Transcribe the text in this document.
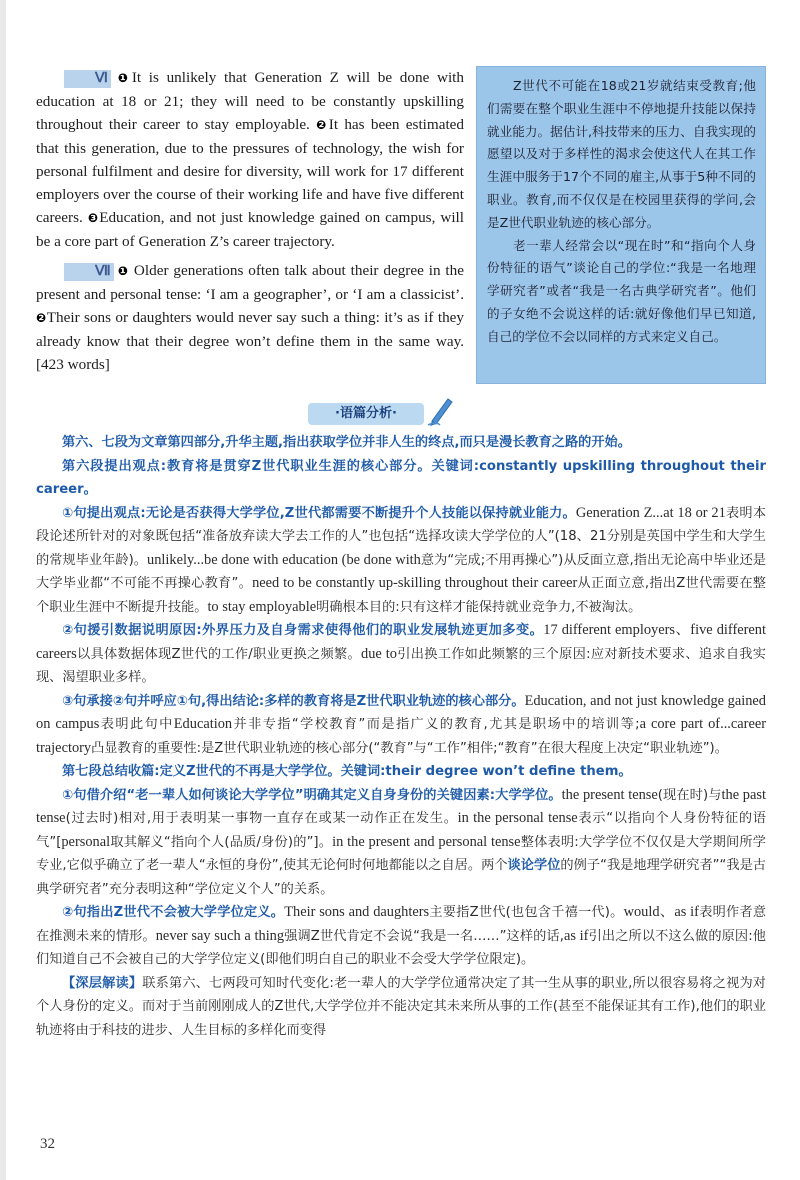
Ⅵ ❶It is unlikely that Generation Z will be done with education at 18 or 21; they will need to be constantly upskilling throughout their career to stay employable. ❷It has been estimated that this generation, due to the pressures of technology, the wish for personal fulfilment and desire for diversity, will work for 17 different employers over the course of their working life and have five different careers. ❸Education, and not just knowledge gained on campus, will be a core part of Generation Z’s career trajectory.

Ⅶ ❶ Older generations often talk about their degree in the present and personal tense: ‘I am a geographer’, or ‘I am a classicist’. ❷Their sons or daughters would never say such a thing: it’s as if they already know that their degree won’t define them in the same way. [423 words]

Z世代不可能在18或21岁就结束受教育;他们需要在整个职业生涯中不停地提升技能以保持就业能力。据估计,科技带来的压力、自我实现的愿望以及对于多样性的渴求会使这代人在其工作生涯中服务于17个不同的雇主,从事于5种不同的职业。教育,而不仅仅是在校园里获得的学问,会是Z世代职业轨迹的核心部分。

老一辈人经常会以“现在时”和“指向个人身份特征的语气”谈论自己的学位:“我是一名地理学研究者”或者“我是一名古典学研究者”。他们的子女绝不会说这样的话:就好像他们早已知道,自己的学位不会以同样的方式来定义自己。

·语篇分析·

第六、七段为文章第四部分,升华主题,指出获取学位并非人生的终点,而只是漫长教育之路的开始。

第六段提出观点:教育将是贯穿Z世代职业生涯的核心部分。关键词:constantly upskilling throughout their career。

①句提出观点:无论是否获得大学学位,Z世代都需要不断提升个人技能以保持就业能力。Generation Z...at 18 or 21表明本段论述所针对的对象既包括“准备放弃读大学去工作的人”也包括“选择攻读大学学位的人”(18、21分别是英国中学生和大学生的常规毕业年龄)。unlikely...be done with education (be done with意为“完成;不用再操心”)从反面立意,指出无论高中毕业还是大学毕业都“不可能不再操心教育”。need to be constantly up-skilling throughout their career从正面立意,指出Z世代需要在整个职业生涯中不断提升技能。to stay employable明确根本目的:只有这样才能保持就业竞争力,不被淘汰。

②句援引数据说明原因:外界压力及自身需求使得他们的职业发展轨迹更加多变。17 different employers、five different careers以具体数据体现Z世代的工作/职业更换之频繁。due to引出换工作如此频繁的三个原因:应对新技术要求、追求自我实现、渴望职业多样。

③句承接②句并呼应①句,得出结论:多样的教育将是Z世代职业轨迹的核心部分。Education, and not just knowledge gained on campus表明此句中Education并非专指“学校教育”而是指广义的教育,尤其是职场中的培训等;a core part of...career trajectory凸显教育的重要性:是Z世代职业轨迹的核心部分(“教育”与“工作”相伴;“教育”在很大程度上决定“职业轨迹”)。

第七段总结收篇:定义Z世代的不再是大学学位。关键词:their degree won’t define them。

①句借介绍“老一辈人如何谈论大学学位”明确其定义自身身份的关键因素:大学学位。the present tense(现在时)与the past tense(过去时)相对,用于表明某一事物一直存在或某一动作正在发生。in the personal tense表示“以指向个人身份特征的语气”[personal取其解义“指向个人(品质/身份)的”]。in the present and personal tense整体表明:大学学位不仅仅是大学期间所学专业,它似乎确立了老一辈人“永恒的身份”,使其无论何时何地都能以之自居。两个谈论学位的例子“我是地理学研究者”“我是古典学研究者”充分表明这种“学位定义个人”的关系。

②句指出Z世代不会被大学学位定义。Their sons and daughters主要指Z世代(也包含千禧一代)。would、as if表明作者意在推测未来的情形。never say such a thing强调Z世代肯定不会说“我是一名……”这样的话,as if引出之所以不这么做的原因:他们知道自己不会被自己的大学学位定义(即他们明白自己的职业不会受大学学位限定)。

【深层解读】联系第六、七两段可知时代变化:老一辈人的大学学位通常决定了其一生从事的职业,所以很容易将之视为对个人身份的定义。而对于当前刚刚成人的Z世代,大学学位并不能决定其未来所从事的工作(甚至不能保证其有工作),他们的职业轨迹将由于科技的进步、人生目标的多样化而变得

32
